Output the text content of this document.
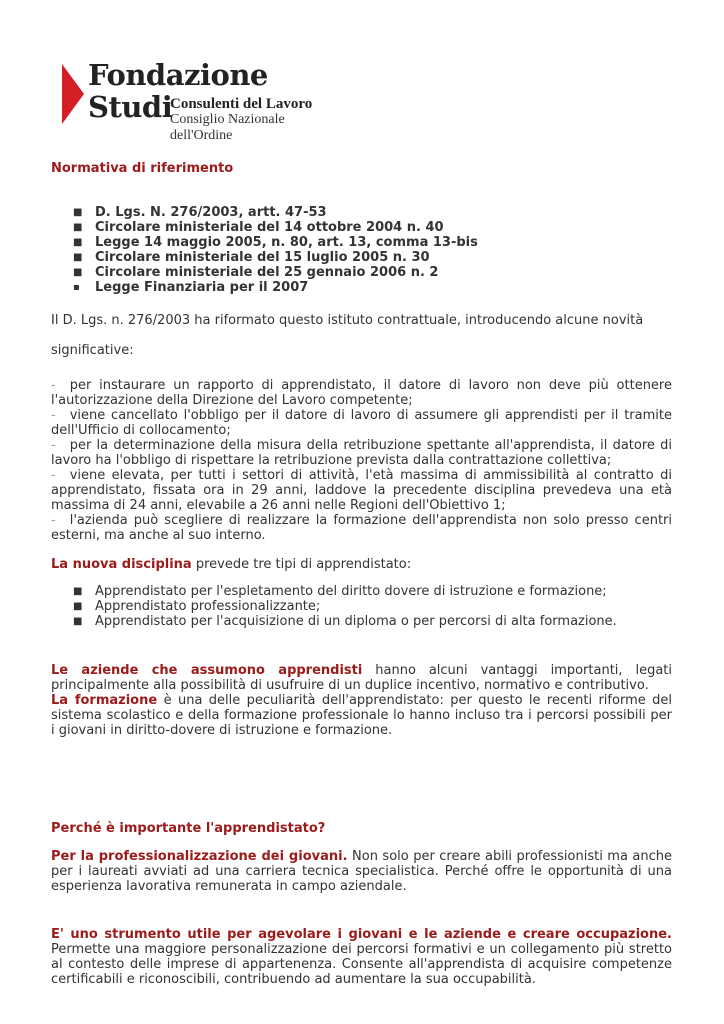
Fondazione
Studi
Consulenti del Lavoro
Consiglio Nazionale dell'Ordine
Normativa di riferimento
■ D. Lgs. N. 276/2003, artt. 47-53
■ Circolare ministeriale del 14 ottobre 2004 n. 40
■ Legge 14 maggio 2005, n. 80, art. 13, comma 13-bis
■ Circolare ministeriale del 15 luglio 2005 n. 30
■ Circolare ministeriale del 25 gennaio 2006 n. 2
▪ Legge Finanziaria per il 2007
Il D. Lgs. n. 276/2003 ha riformato questo istituto contrattuale, introducendo alcune novità
significative:
- per instaurare un rapporto di apprendistato, il datore di lavoro non deve più ottenere l'autorizzazione della Direzione del Lavoro competente;
- viene cancellato l'obbligo per il datore di lavoro di assumere gli apprendisti per il tramite dell'Ufficio di collocamento;
- per la determinazione della misura della retribuzione spettante all'apprendista, il datore di lavoro ha l'obbligo di rispettare la retribuzione prevista dalla contrattazione collettiva;
- viene elevata, per tutti i settori di attività, l'età massima di ammissibilità al contratto di apprendistato, fissata ora in 29 anni, laddove la precedente disciplina prevedeva una età massima di 24 anni, elevabile a 26 anni nelle Regioni dell'Obiettivo 1;
- l'azienda può scegliere di realizzare la formazione dell'apprendista non solo presso centri esterni, ma anche al suo interno.
La nuova disciplina prevede tre tipi di apprendistato:
■ Apprendistato per l'espletamento del diritto dovere di istruzione e formazione;
■ Apprendistato professionalizzante;
■ Apprendistato per l'acquisizione di un diploma o per percorsi di alta formazione.
Le aziende che assumono apprendisti hanno alcuni vantaggi importanti, legati principalmente alla possibilità di usufruire di un duplice incentivo, normativo e contributivo.
La formazione è una delle peculiarità dell'apprendistato: per questo le recenti riforme del sistema scolastico e della formazione professionale lo hanno incluso tra i percorsi possibili per i giovani in diritto-dovere di istruzione e formazione.
Perché è importante l'apprendistato?
Per la professionalizzazione dei giovani. Non solo per creare abili professionisti ma anche per i laureati avviati ad una carriera tecnica specialistica. Perché offre le opportunità di una esperienza lavorativa remunerata in campo aziendale.
E' uno strumento utile per agevolare i giovani e le aziende e creare occupazione. Permette una maggiore personalizzazione dei percorsi formativi e un collegamento più stretto al contesto delle imprese di appartenenza. Consente all'apprendista di acquisire competenze certificabili e riconoscibili, contribuendo ad aumentare la sua occupabilità.
